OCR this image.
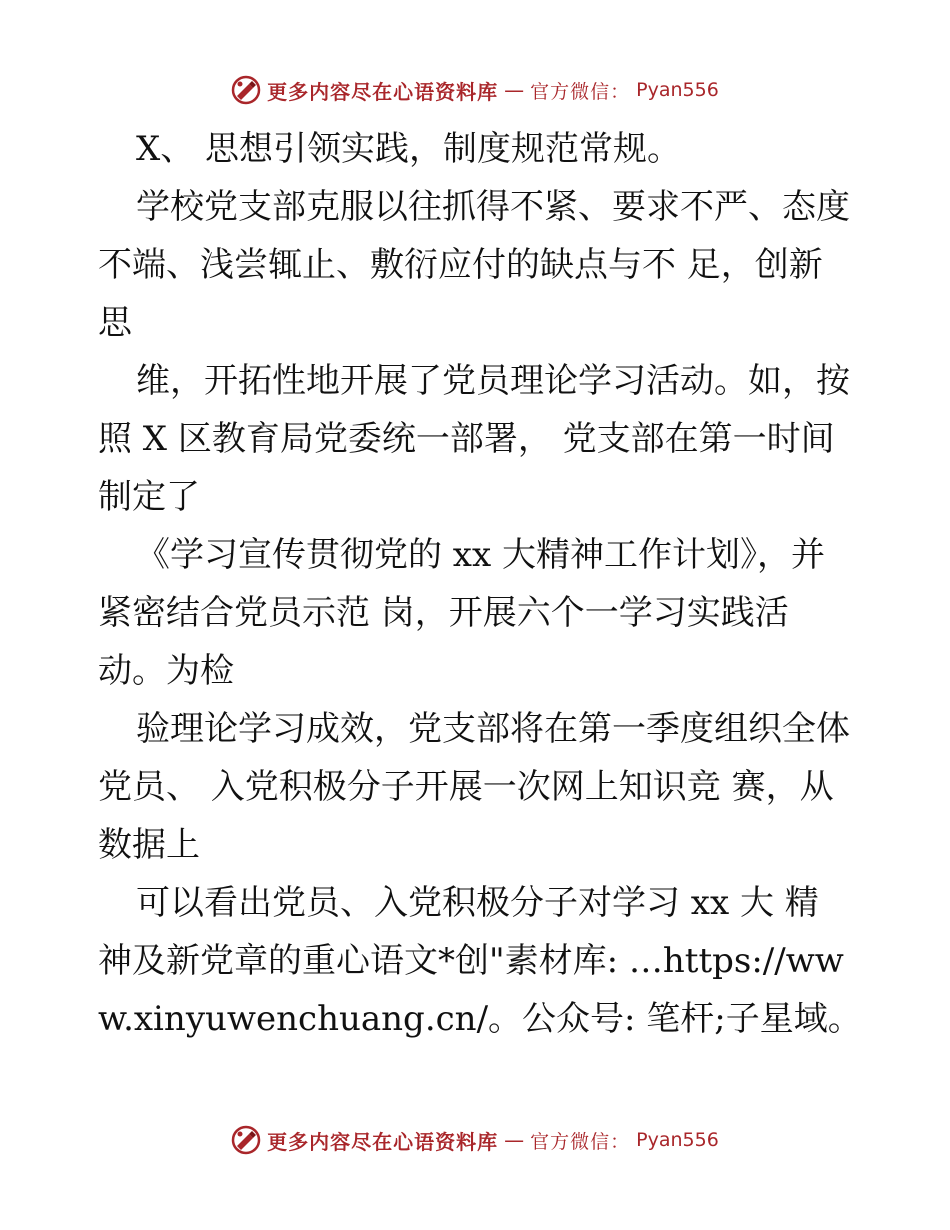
更多内容尽在心语资料库 — 官方微信： Pyan556

X、 思想引领实践，制度规范常规。

学校党支部克服以往抓得不紧、要求不严、态度

不端、浅尝辄止、敷衍应付的缺点与不 足，创新

思

维，开拓性地开展了党员理论学习活动。如，按

照 X 区教育局党委统一部署， 党支部在第一时间

制定了

《学习宣传贯彻党的 xx 大精神工作计划》，并

紧密结合党员示范 岗，开展六个一学习实践活

动。为检

验理论学习成效，党支部将在第一季度组织全体

党员、 入党积极分子开展一次网上知识竞 赛，从

数据上

可以看出党员、入党积极分子对学习 xx 大 精

神及新党章的重心语文*创"素材库: …https://ww

w.xinyuwenchuang.cn/。公众号: 笔杆;子星域。

更多内容尽在心语资料库 — 官方微信： Pyan556
